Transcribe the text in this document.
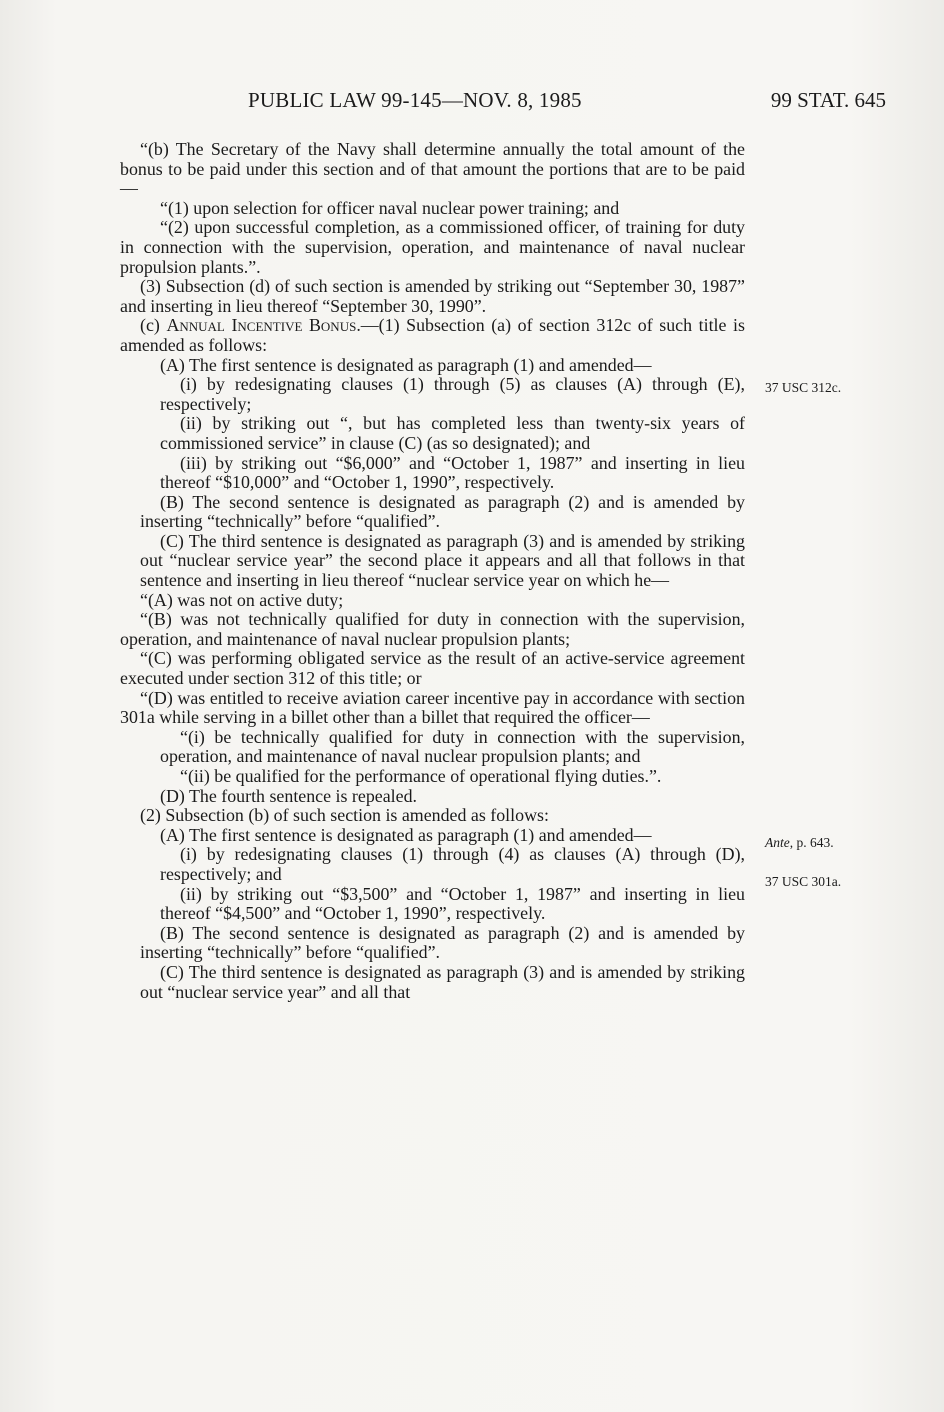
PUBLIC LAW 99-145—NOV. 8, 1985	99 STAT. 645

“(b) The Secretary of the Navy shall determine annually the total amount of the bonus to be paid under this section and of that amount the portions that are to be paid—

“(1) upon selection for officer naval nuclear power training; and

“(2) upon successful completion, as a commissioned officer, of training for duty in connection with the supervision, operation, and maintenance of naval nuclear propulsion plants.”.

(3) Subsection (d) of such section is amended by striking out “September 30, 1987” and inserting in lieu thereof “September 30, 1990”.

(c) Annual Incentive Bonus.—(1) Subsection (a) of section 312c of such title is amended as follows:

(A) The first sentence is designated as paragraph (1) and amended—

(i) by redesignating clauses (1) through (5) as clauses (A) through (E), respectively;

(ii) by striking out “, but has completed less than twenty-six years of commissioned service” in clause (C) (as so designated); and

(iii) by striking out “$6,000” and “October 1, 1987” and inserting in lieu thereof “$10,000” and “October 1, 1990”, respectively.

(B) The second sentence is designated as paragraph (2) and is amended by inserting “technically” before “qualified”.

(C) The third sentence is designated as paragraph (3) and is amended by striking out “nuclear service year” the second place it appears and all that follows in that sentence and inserting in lieu thereof “nuclear service year on which he—

“(A) was not on active duty;

“(B) was not technically qualified for duty in connection with the supervision, operation, and maintenance of naval nuclear propulsion plants;

“(C) was performing obligated service as the result of an active-service agreement executed under section 312 of this title; or

“(D) was entitled to receive aviation career incentive pay in accordance with section 301a while serving in a billet other than a billet that required the officer—

“(i) be technically qualified for duty in connection with the supervision, operation, and maintenance of naval nuclear propulsion plants; and

“(ii) be qualified for the performance of operational flying duties.”.

(D) The fourth sentence is repealed.

(2) Subsection (b) of such section is amended as follows:

(A) The first sentence is designated as paragraph (1) and amended—

(i) by redesignating clauses (1) through (4) as clauses (A) through (D), respectively; and

(ii) by striking out “$3,500” and “October 1, 1987” and inserting in lieu thereof “$4,500” and “October 1, 1990”, respectively.

(B) The second sentence is designated as paragraph (2) and is amended by inserting “technically” before “qualified”.

(C) The third sentence is designated as paragraph (3) and is amended by striking out “nuclear service year” and all that

37 USC 312c.
Ante, p. 643.
37 USC 301a.
